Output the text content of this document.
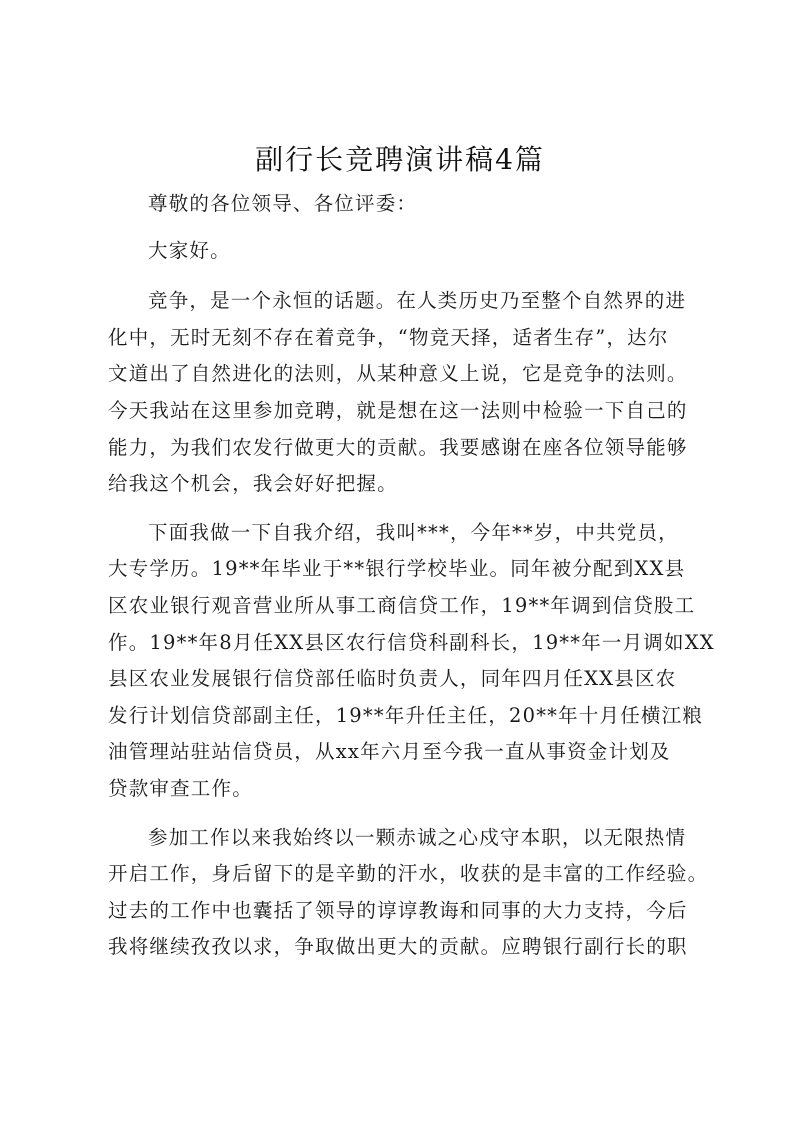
副行长竞聘演讲稿4篇
尊敬的各位领导、各位评委：
大家好。
竞争，是一个永恒的话题。在人类历史乃至整个自然界的进
化中，无时无刻不存在着竞争，“物竞天择，适者生存”，达尔
文道出了自然进化的法则，从某种意义上说，它是竞争的法则。
今天我站在这里参加竞聘，就是想在这一法则中检验一下自己的
能力，为我们农发行做更大的贡献。我要感谢在座各位领导能够
给我这个机会，我会好好把握。
下面我做一下自我介绍，我叫***，今年**岁，中共党员，
大专学历。19**年毕业于**银行学校毕业。同年被分配到XX县
区农业银行观音营业所从事工商信贷工作，19**年调到信贷股工
作。19**年8月任XX县区农行信贷科副科长，19**年一月调如XX
县区农业发展银行信贷部任临时负责人，同年四月任XX县区农
发行计划信贷部副主任，19**年升任主任，20**年十月任横江粮
油管理站驻站信贷员，从xx年六月至今我一直从事资金计划及
贷款审查工作。
参加工作以来我始终以一颗赤诚之心戍守本职，以无限热情
开启工作，身后留下的是辛勤的汗水，收获的是丰富的工作经验。
过去的工作中也囊括了领导的谆谆教诲和同事的大力支持，今后
我将继续孜孜以求，争取做出更大的贡献。应聘银行副行长的职
